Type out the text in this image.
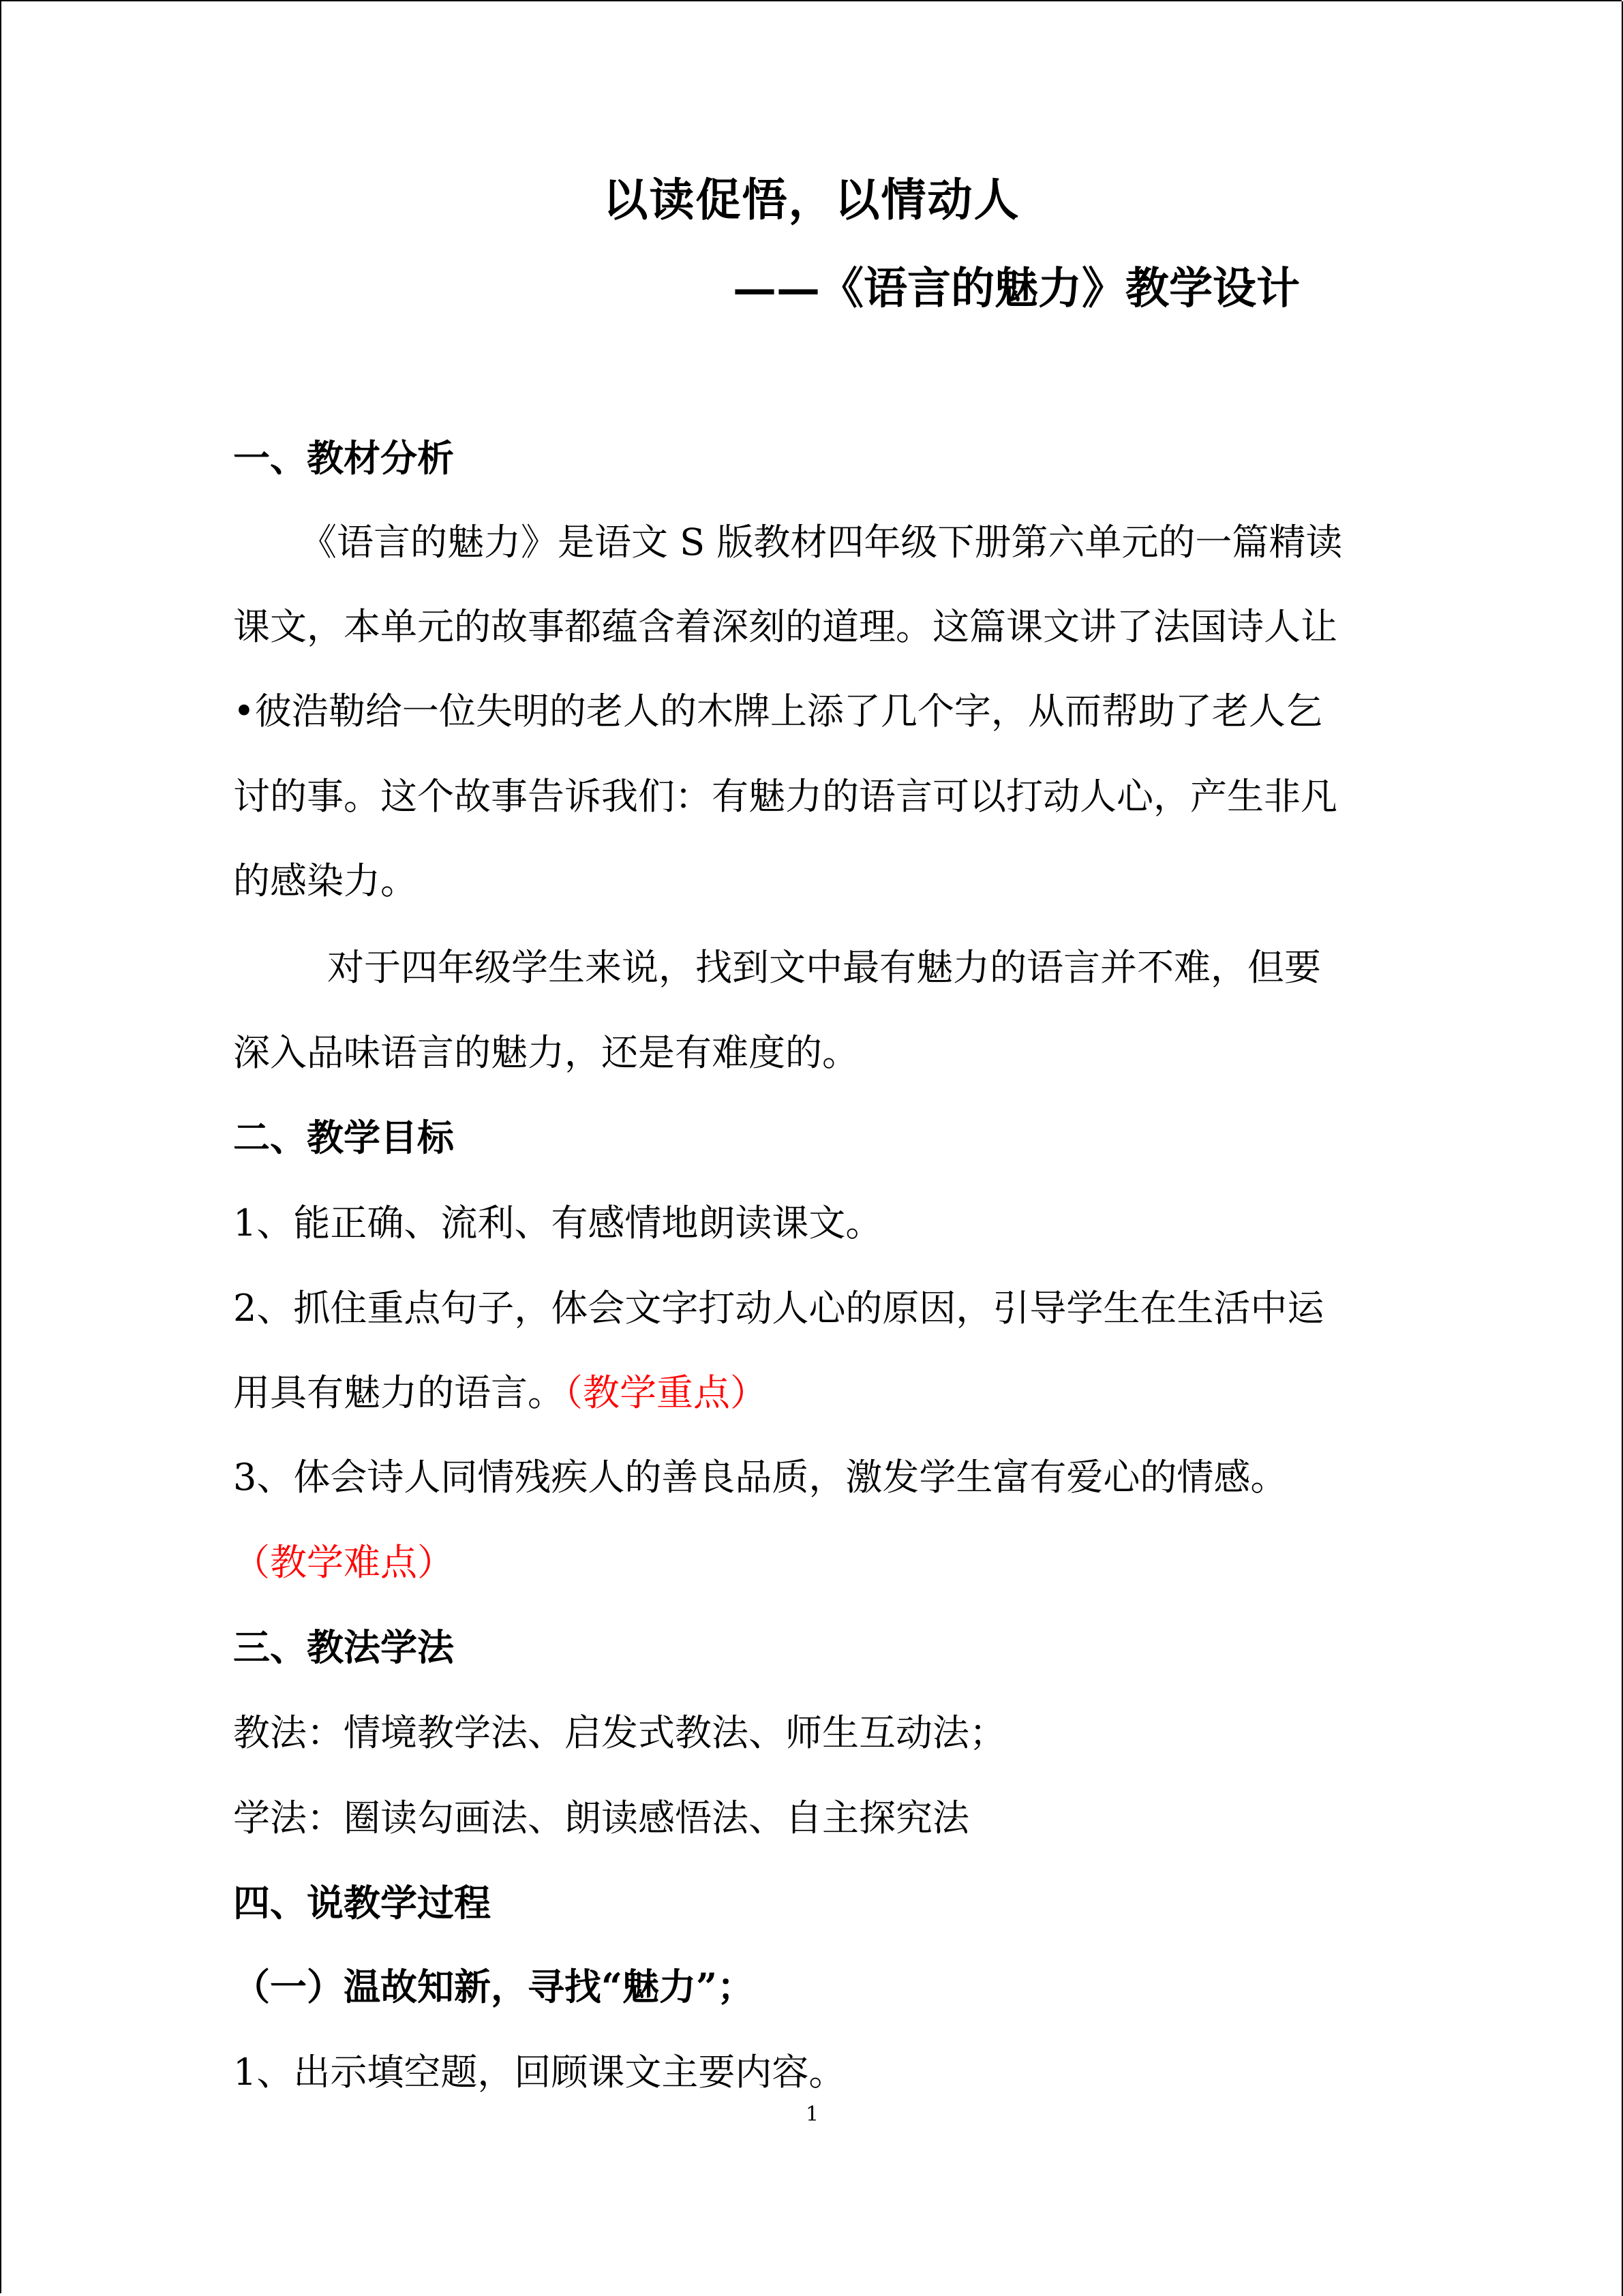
以读促悟，以情动人

——《语言的魅力》教学设计

一、教材分析

《语言的魅力》是语文 S 版教材四年级下册第六单元的一篇精读

课文，本单元的故事都蕴含着深刻的道理。这篇课文讲了法国诗人让

•彼浩勒给一位失明的老人的木牌上添了几个字，从而帮助了老人乞

讨的事。这个故事告诉我们：有魅力的语言可以打动人心，产生非凡

的感染力。

对于四年级学生来说，找到文中最有魅力的语言并不难，但要

深入品味语言的魅力，还是有难度的。

二、教学目标

1、能正确、流利、有感情地朗读课文。

2、抓住重点句子，体会文字打动人心的原因，引导学生在生活中运

用具有魅力的语言。（教学重点）

3、体会诗人同情残疾人的善良品质，激发学生富有爱心的情感。

（教学难点）

三、教法学法

教法：情境教学法、启发式教法、师生互动法；

学法：圈读勾画法、朗读感悟法、自主探究法

四、说教学过程

（一）温故知新，寻找“魅力”；

1、出示填空题，回顾课文主要内容。

1
